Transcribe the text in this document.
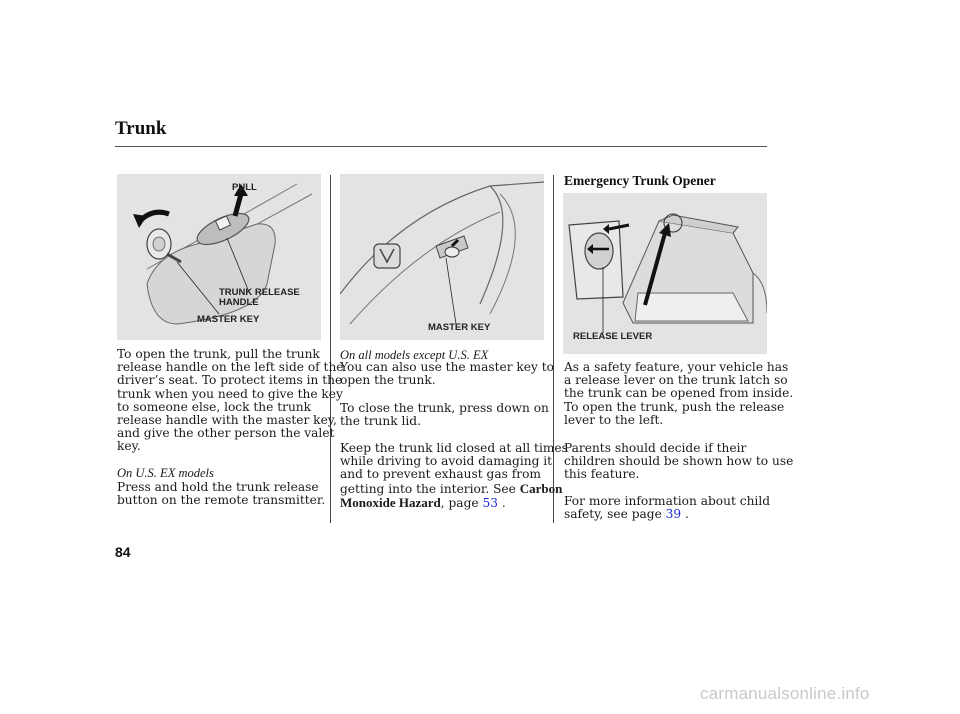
Trunk
PULL
TRUNK RELEASE
HANDLE
MASTER KEY
MASTER KEY
Emergency Trunk Opener
RELEASE LEVER
To open the trunk, pull the trunk
release handle on the left side of the
driver’s seat. To protect items in the
trunk when you need to give the key
to someone else, lock the trunk
release handle with the master key,
and give the other person the valet
key.
On U.S. EX models
Press and hold the trunk release
button on the remote transmitter.
On all models except U.S. EX
You can also use the master key to
open the trunk.
To close the trunk, press down on
the trunk lid.
Keep the trunk lid closed at all times
while driving to avoid damaging it
and to prevent exhaust gas from
getting into the interior. See Carbon
Monoxide Hazard, page 53 .
As a safety feature, your vehicle has
a release lever on the trunk latch so
the trunk can be opened from inside.
To open the trunk, push the release
lever to the left.
Parents should decide if their
children should be shown how to use
this feature.
For more information about child
safety, see page 39 .
84
carmanualsonline.info
